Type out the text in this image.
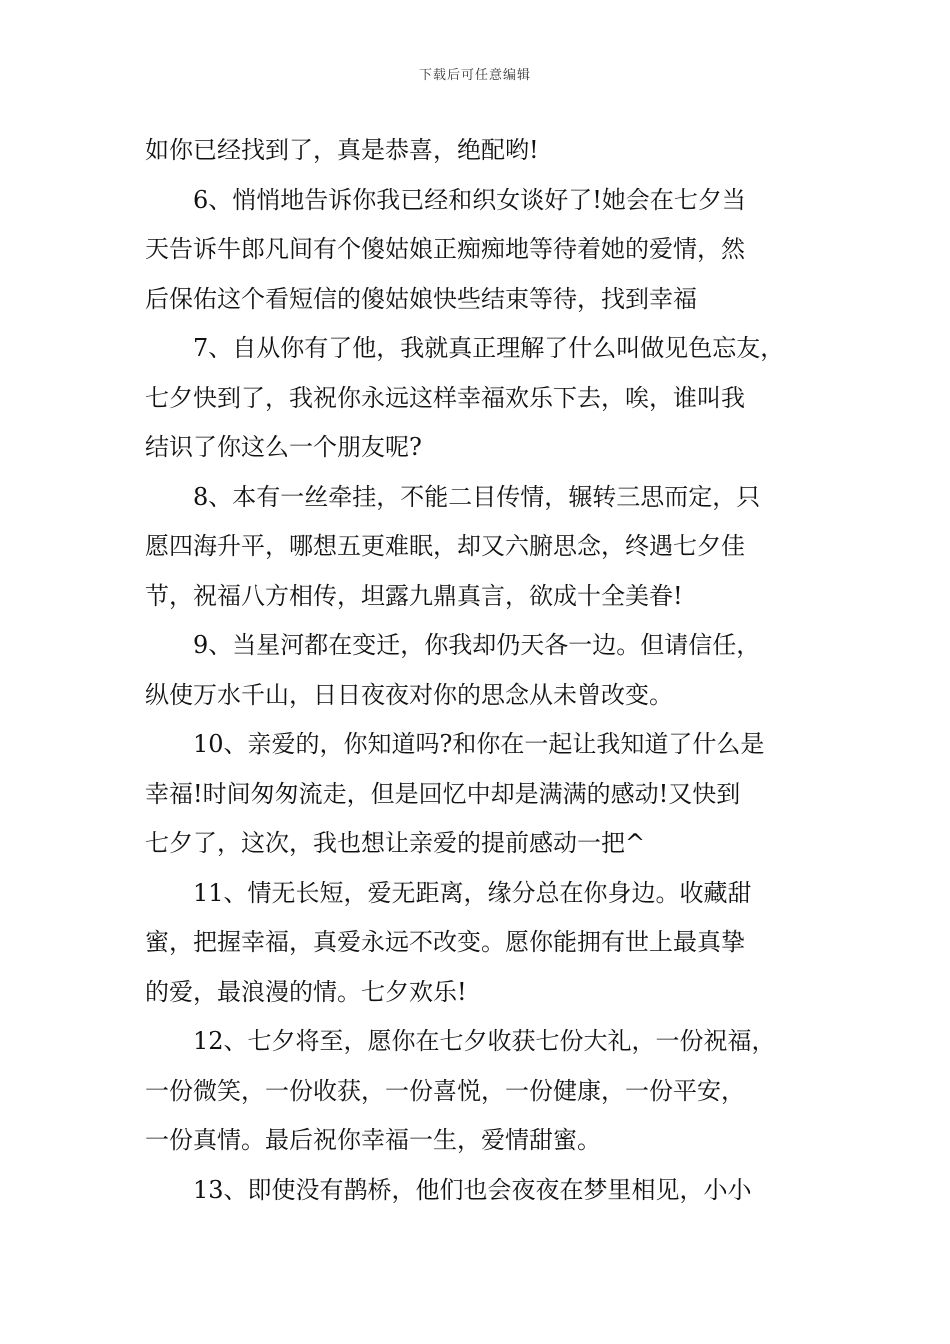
下载后可任意编辑

如你已经找到了，真是恭喜，绝配哟!

6、悄悄地告诉你我已经和织女谈好了!她会在七夕当
天告诉牛郎凡间有个傻姑娘正痴痴地等待着她的爱情，然
后保佑这个看短信的傻姑娘快些结束等待，找到幸福

7、自从你有了他，我就真正理解了什么叫做见色忘友，
七夕快到了，我祝你永远这样幸福欢乐下去，唉，谁叫我
结识了你这么一个朋友呢?

8、本有一丝牵挂，不能二目传情，辗转三思而定，只
愿四海升平，哪想五更难眠，却又六腑思念，终遇七夕佳
节，祝福八方相传，坦露九鼎真言，欲成十全美眷!

9、当星河都在变迁，你我却仍天各一边。但请信任，
纵使万水千山，日日夜夜对你的思念从未曾改变。

10、亲爱的，你知道吗?和你在一起让我知道了什么是
幸福!时间匆匆流走，但是回忆中却是满满的感动!又快到
七夕了，这次，我也想让亲爱的提前感动一把^

11、情无长短，爱无距离，缘分总在你身边。收藏甜
蜜，把握幸福，真爱永远不改变。愿你能拥有世上最真挚
的爱，最浪漫的情。七夕欢乐!

12、七夕将至，愿你在七夕收获七份大礼，一份祝福，
一份微笑，一份收获，一份喜悦，一份健康，一份平安，
一份真情。最后祝你幸福一生，爱情甜蜜。

13、即使没有鹊桥，他们也会夜夜在梦里相见，小小
